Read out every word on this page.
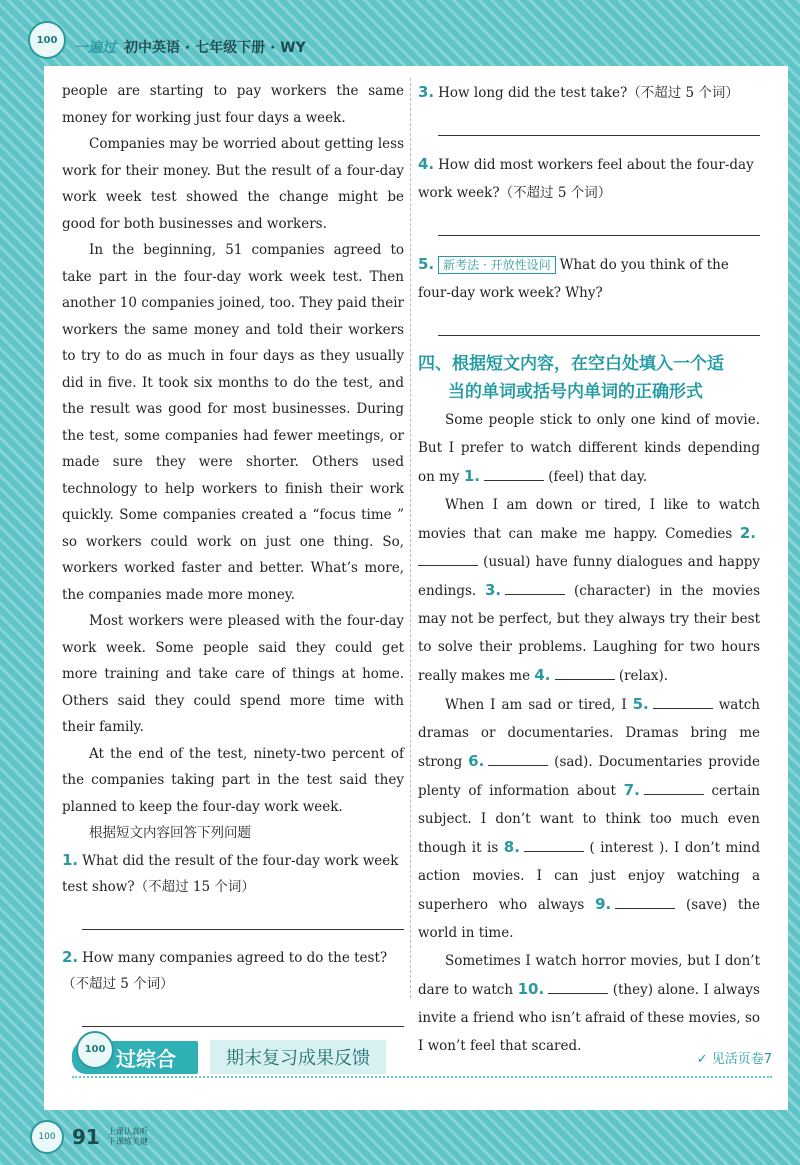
100 一遍过 初中英语 · 七年级下册 · WY

people are starting to pay workers the same money for working just four days a week.

Companies may be worried about getting less work for their money. But the result of a four-day work week test showed the change might be good for both businesses and workers.

In the beginning, 51 companies agreed to take part in the four-day work week test. Then another 10 companies joined, too. They paid their workers the same money and told their workers to try to do as much in four days as they usually did in five. It took six months to do the test, and the result was good for most businesses. During the test, some companies had fewer meetings, or made sure they were shorter. Others used technology to help workers to finish their work quickly. Some companies created a “focus time ” so workers could work on just one thing. So, workers worked faster and better. What’s more, the companies made more money.

Most workers were pleased with the four-day work week. Some people said they could get more training and take care of things at home. Others said they could spend more time with their family.

At the end of the test, ninety-two percent of the companies taking part in the test said they planned to keep the four-day work week.

根据短文内容回答下列问题

1. What did the result of the four-day work week test show?（不超过 15 个词）
2. How many companies agreed to do the test?（不超过 5 个词）
3. How long did the test take?（不超过 5 个词）
4. How did most workers feel about the four-day work week?（不超过 5 个词）
5. 新考法 · 开放性设问 What do you think of the four-day work week? Why?
四、根据短文内容，在空白处填入一个适
当的单词或括号内单词的正确形式

Some people stick to only one kind of movie. But I prefer to watch different kinds depending on my 1.	(feel) that day.

When I am down or tired, I like to watch movies that can make me happy. Comedies 2. (usual) have funny dialogues and happy endings. 3.	(character) in the movies may not be perfect, but they always try their best to solve their problems. Laughing for two hours really makes me 4.	(relax).

When I am sad or tired, I 5.	watch dramas or documentaries. Dramas bring me strong 6.	(sad). Documentaries provide plenty of information about 7.	certain subject. I don’t want to think too much even though it is 8.	( interest ). I don’t mind action movies. I can just enjoy watching a superhero who always 9.	(save) the world in time.

Sometimes I watch horror movies, but I don’t dare to watch 10.	(they) alone. I always invite a friend who isn’t afraid of these movies, so I won’t feel that scared.

100 过综合	期末复习成果反馈	✓ 见活页卷7
100 91 上课认真听 下课练关键
